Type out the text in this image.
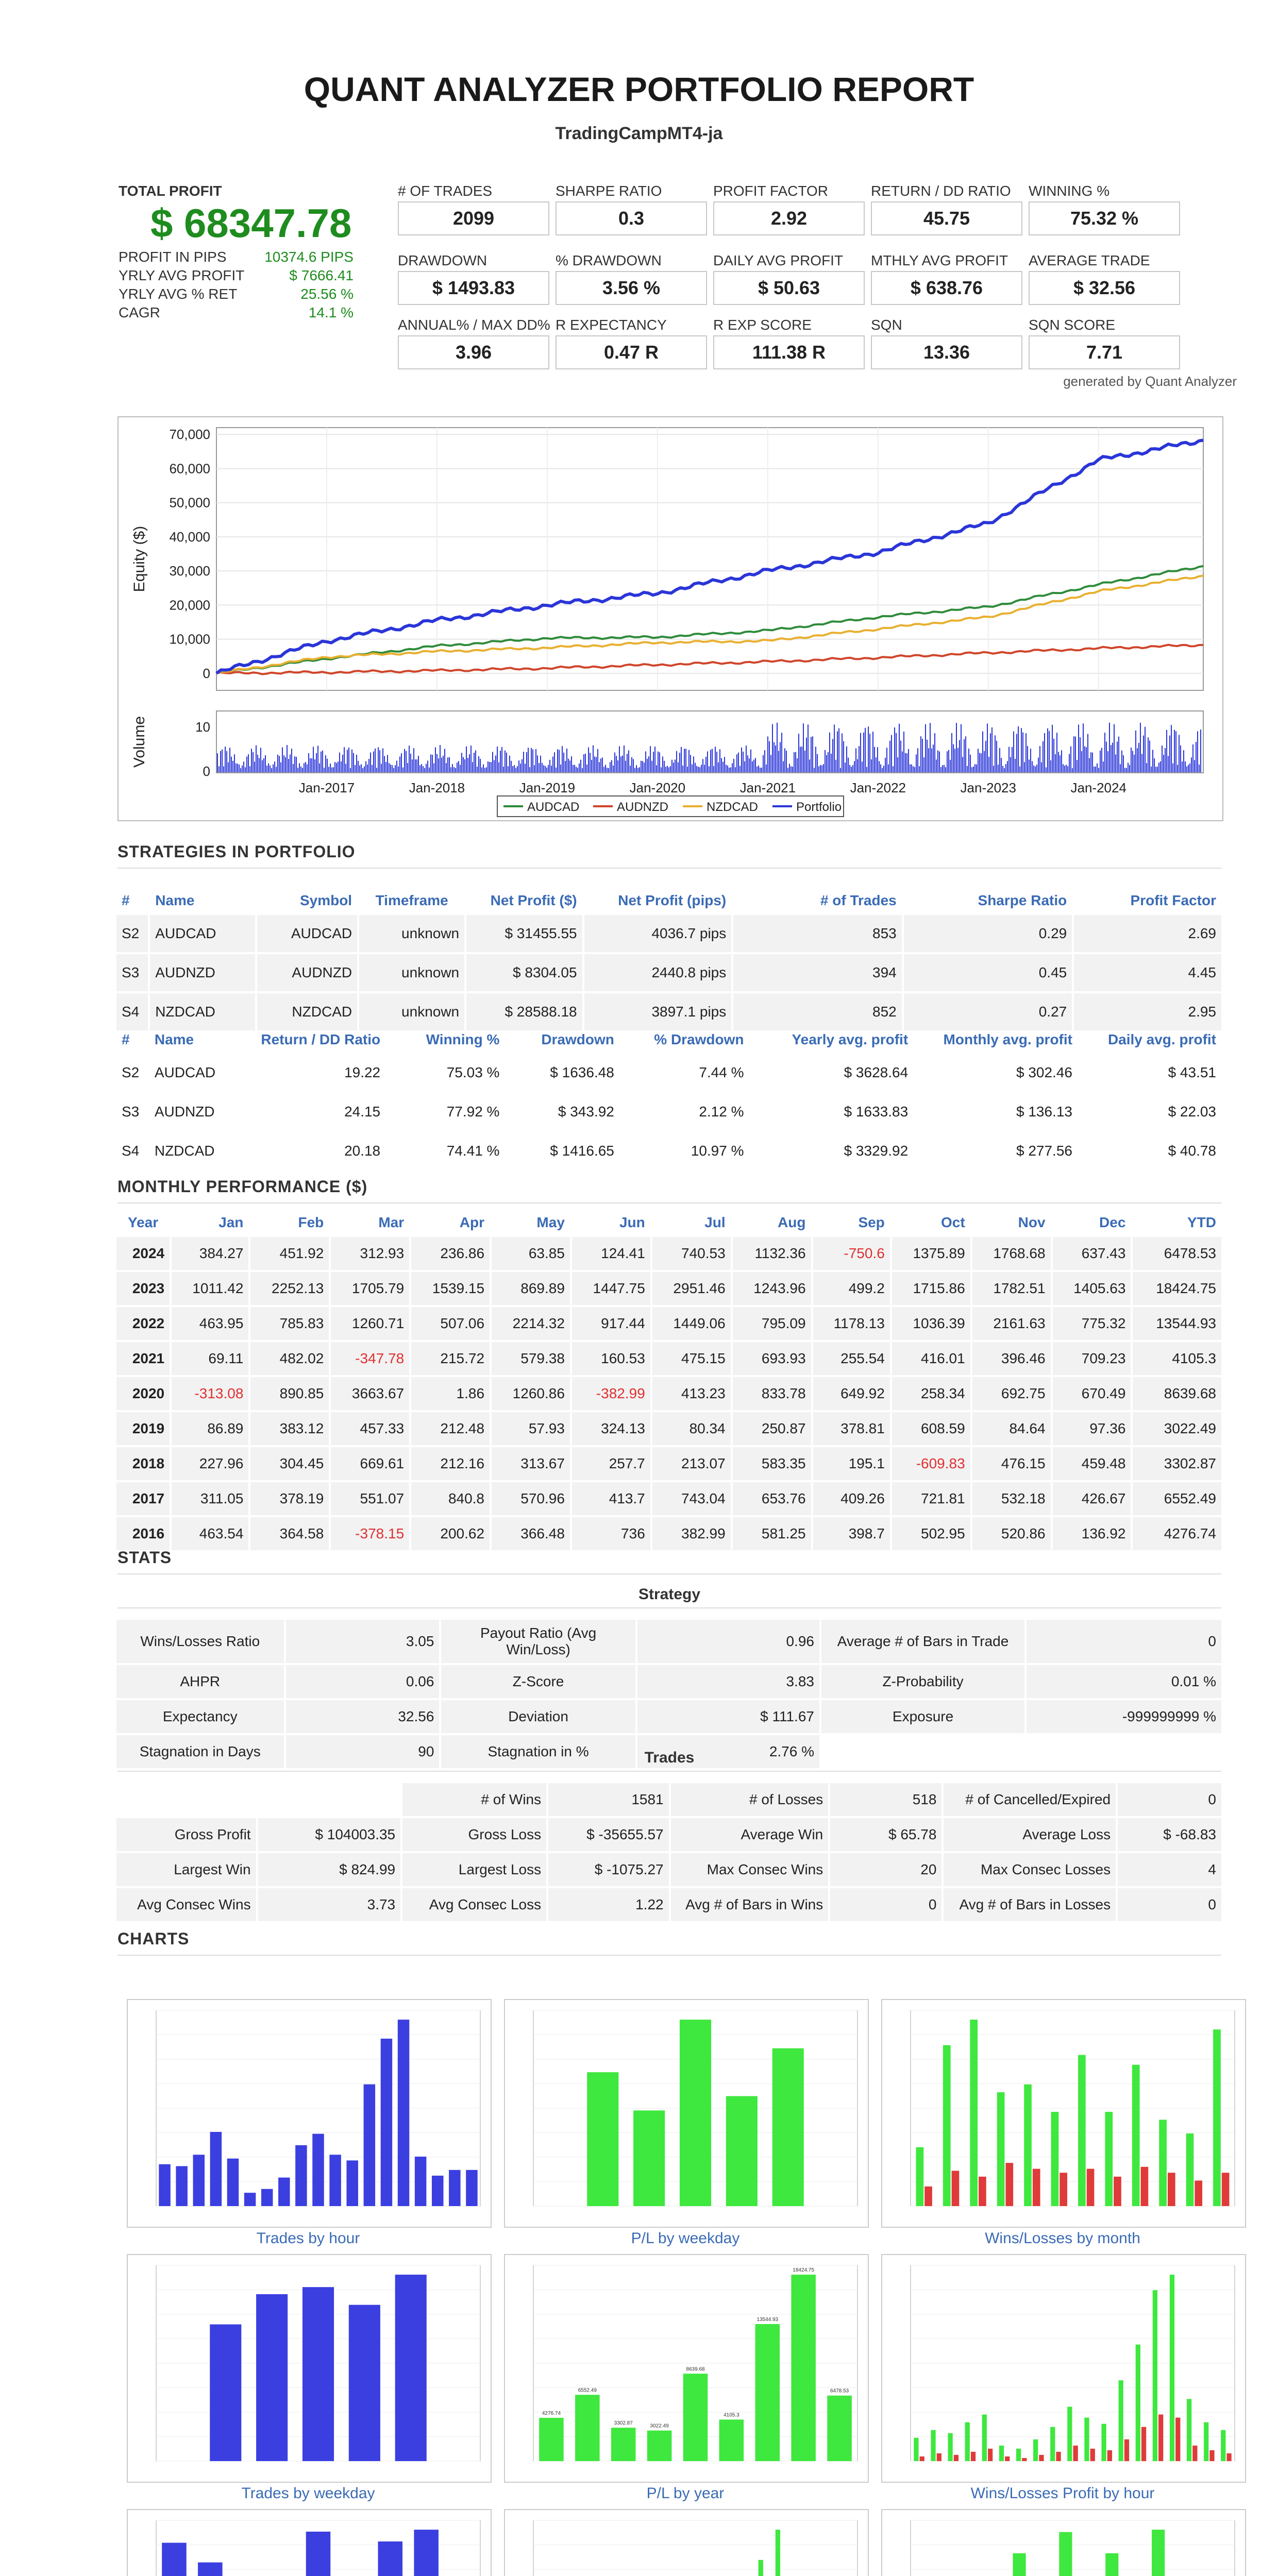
QUANT ANALYZER PORTFOLIO REPORT
TradingCampMT4-ja
TOTAL PROFIT
$ 68347.78
PROFIT IN PIPS	10374.6 PIPS
YRLY AVG PROFIT	$ 7666.41
YRLY AVG % RET	25.56 %
CAGR	14.1 %
# OF TRADES
2099
SHARPE RATIO
0.3
PROFIT FACTOR
2.92
RETURN / DD RATIO
45.75
WINNING %
75.32 %
DRAWDOWN
$ 1493.83
% DRAWDOWN
3.56 %
DAILY AVG PROFIT
$ 50.63
MTHLY AVG PROFIT
$ 638.76
AVERAGE TRADE
$ 32.56
ANNUAL% / MAX DD%
3.96
R EXPECTANCY
0.47 R
R EXP SCORE
111.38 R
SQN
13.36
SQN SCORE
7.71
generated by Quant Analyzer
70,000
60,000
50,000
40,000
30,000
20,000
10,000
0
Equity ($)
Volume	10
0
Jan-2017	Jan-2018	Jan-2019	Jan-2020	Jan-2021	Jan-2022	Jan-2023	Jan-2024
AUDCAD	AUDNZD	NZDCAD	Portfolio
STRATEGIES IN PORTFOLIO
#	Name	Symbol	Timeframe	Net Profit ($)	Net Profit (pips)	# of Trades	Sharpe Ratio	Profit Factor
S2	AUDCAD	AUDCAD	unknown	$ 31455.55	4036.7 pips	853	0.29	2.69
S3	AUDNZD	AUDNZD	unknown	$ 8304.05	2440.8 pips	394	0.45	4.45
S4	NZDCAD	NZDCAD	unknown	$ 28588.18	3897.1 pips	852	0.27	2.95
#	Name	Return / DD Ratio	Winning %	Drawdown	% Drawdown	Yearly avg. profit	Monthly avg. profit	Daily avg. profit
S2	AUDCAD	19.22	75.03 %	$ 1636.48	7.44 %	$ 3628.64	$ 302.46	$ 43.51
S3	AUDNZD	24.15	77.92 %	$ 343.92	2.12 %	$ 1633.83	$ 136.13	$ 22.03
S4	NZDCAD	20.18	74.41 %	$ 1416.65	10.97 %	$ 3329.92	$ 277.56	$ 40.78
MONTHLY PERFORMANCE ($)
Year	Jan	Feb	Mar	Apr	May	Jun	Jul	Aug	Sep	Oct	Nov	Dec	YTD
2024	384.27	451.92	312.93	236.86	63.85	124.41	740.53	1132.36	-750.6	1375.89	1768.68	637.43	6478.53
2023	1011.42	2252.13	1705.79	1539.15	869.89	1447.75	2951.46	1243.96	499.2	1715.86	1782.51	1405.63	18424.75
2022	463.95	785.83	1260.71	507.06	2214.32	917.44	1449.06	795.09	1178.13	1036.39	2161.63	775.32	13544.93
2021	69.11	482.02	-347.78	215.72	579.38	160.53	475.15	693.93	255.54	416.01	396.46	709.23	4105.3
2020	-313.08	890.85	3663.67	1.86	1260.86	-382.99	413.23	833.78	649.92	258.34	692.75	670.49	8639.68
2019	86.89	383.12	457.33	212.48	57.93	324.13	80.34	250.87	378.81	608.59	84.64	97.36	3022.49
2018	227.96	304.45	669.61	212.16	313.67	257.7	213.07	583.35	195.1	-609.83	476.15	459.48	3302.87
2017	311.05	378.19	551.07	840.8	570.96	413.7	743.04	653.76	409.26	721.81	532.18	426.67	6552.49
2016	463.54	364.58	-378.15	200.62	366.48	736	382.99	581.25	398.7	502.95	520.86	136.92	4276.74
STATS
Strategy
Wins/Losses Ratio	3.05	Payout Ratio (Avg Win/Loss)	0.96	Average # of Bars in Trade	0
AHPR	0.06	Z-Score	3.83	Z-Probability	0.01 %
Expectancy	32.56	Deviation	$ 111.67	Exposure	-999999999 %
Stagnation in Days	90	Stagnation in %	2.76 %		
Trades
		# of Wins	1581	# of Losses	518	# of Cancelled/Expired	0
Gross Profit	$ 104003.35	Gross Loss	$ -35655.57	Average Win	$ 65.78	Average Loss	$ -68.83
Largest Win	$ 824.99	Largest Loss	$ -1075.27	Max Consec Wins	20	Max Consec Losses	4
Avg Consec Wins	3.73	Avg Consec Loss	1.22	Avg # of Bars in Wins	0	Avg # of Bars in Losses	0
CHARTS
Trades by hour	P/L by weekday	Wins/Losses by month
Trades by weekday
4276.74
6552.49
3302.87
3022.49
8639.68
4105.3
13544.93
18424.75
6478.53
P/L by year	Wins/Losses Profit by hour
